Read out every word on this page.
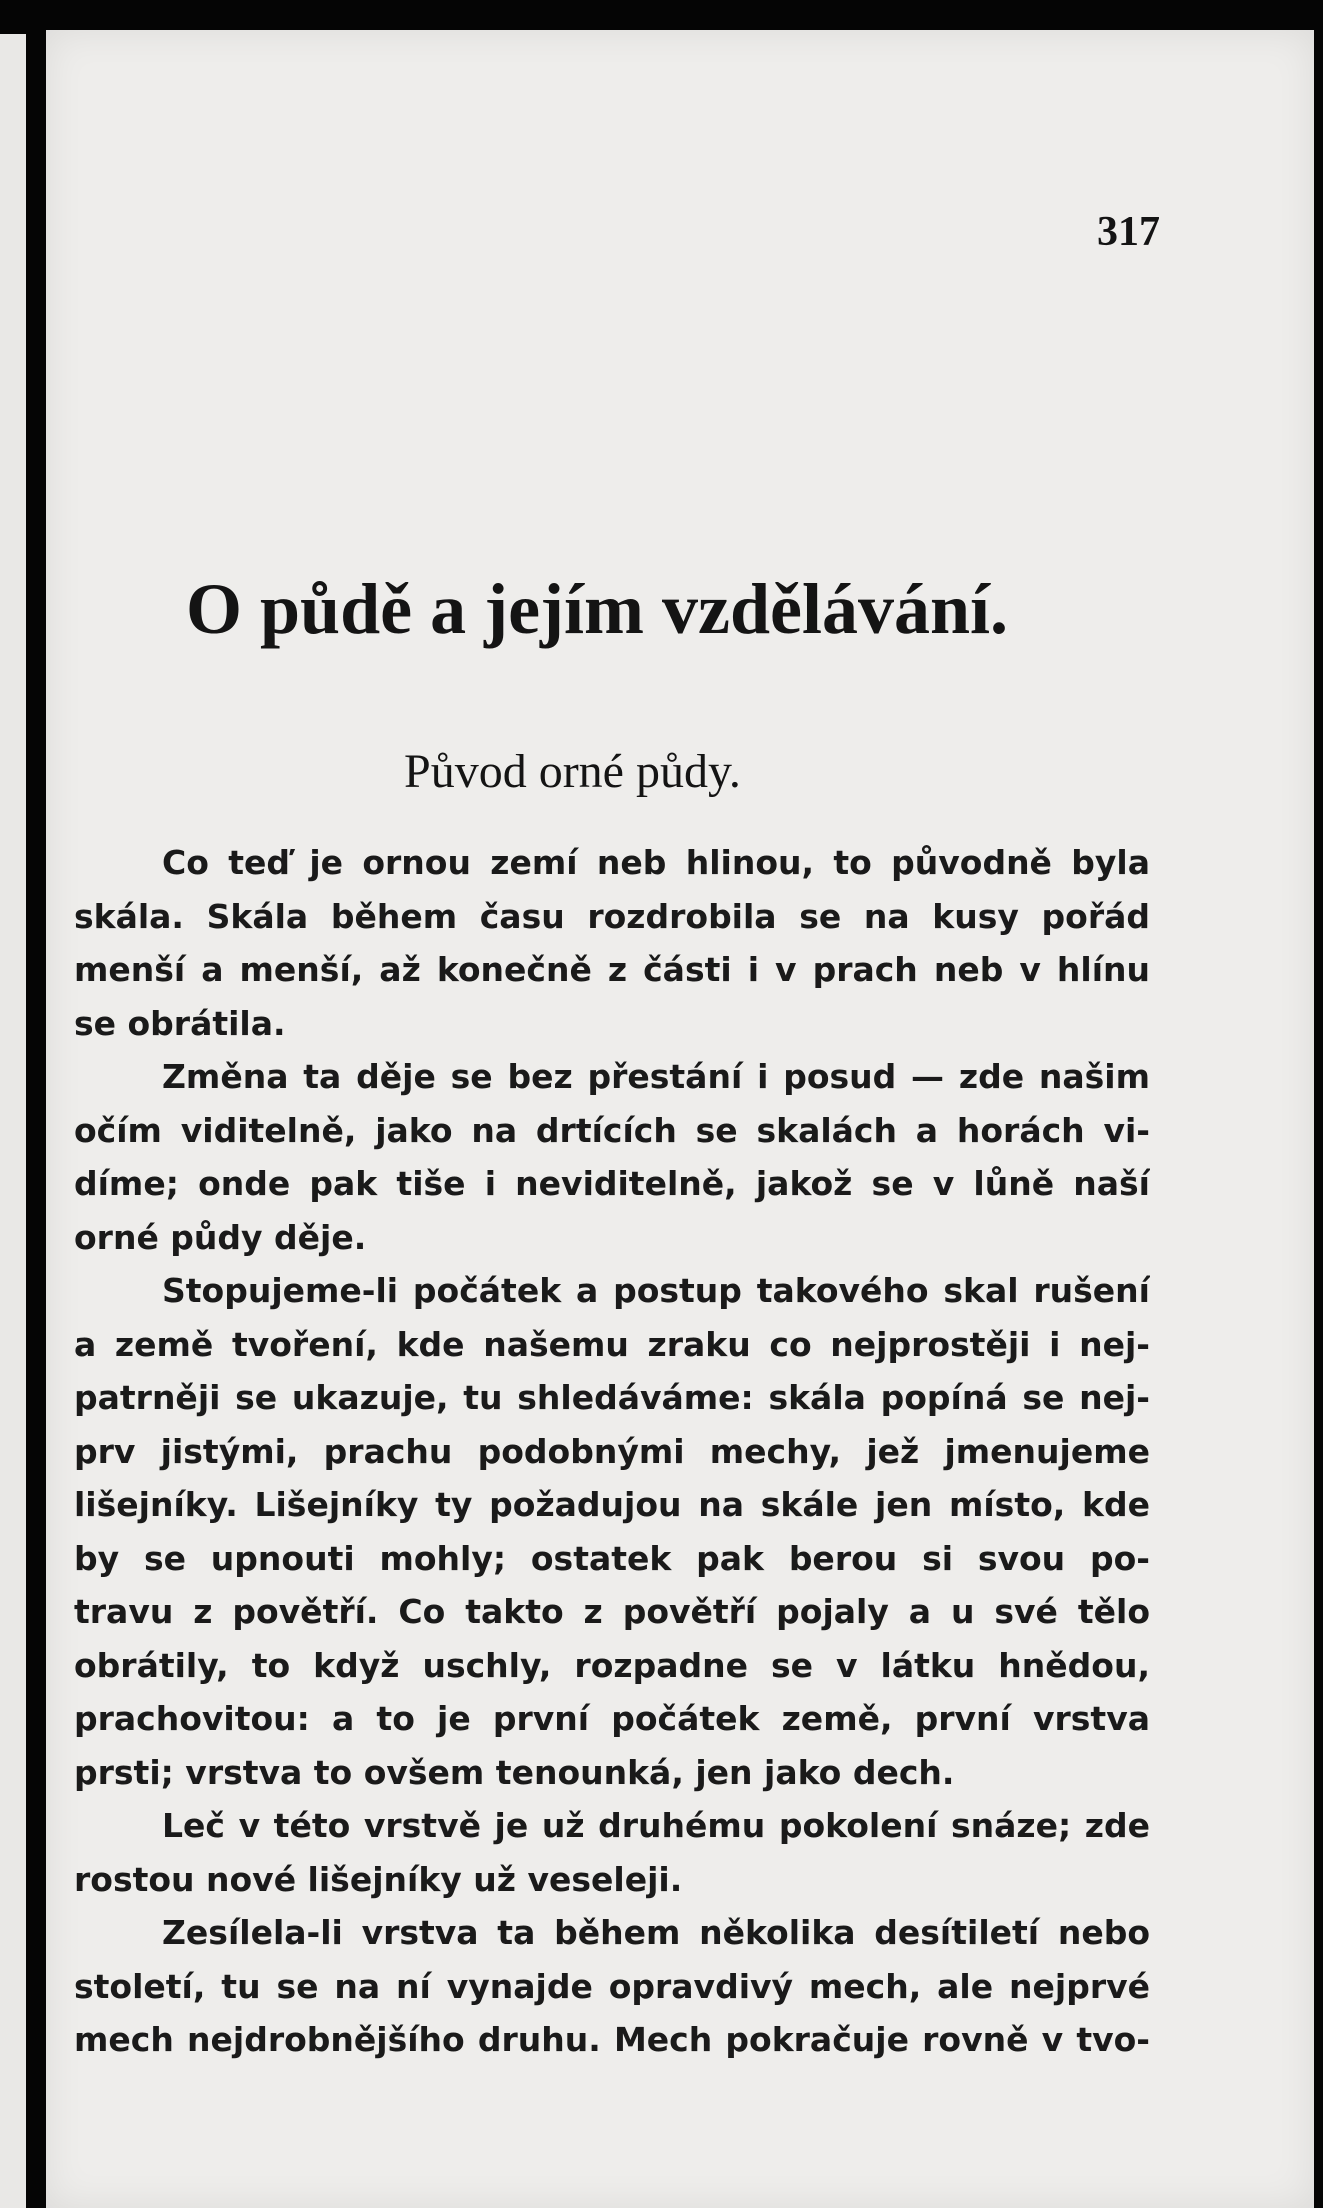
317
O půdě a jejím vzdělávání.
Původ orné půdy.
Co teď je ornou zemí neb hlinou, to původně byla
skála. Skála během času rozdrobila se na kusy pořád
menší a menší, až konečně z části i v prach neb v hlínu
se obrátila.
Změna ta děje se bez přestání i posud — zde našim
očím viditelně, jako na drtících se skalách a horách vi-
díme; onde pak tiše i neviditelně, jakož se v lůně naší
orné půdy děje.
Stopujeme-li počátek a postup takového skal rušení
a země tvoření, kde našemu zraku co nejprostěji i nej-
patrněji se ukazuje, tu shledáváme: skála popíná se nej-
prv jistými, prachu podobnými mechy, jež jmenujeme
lišejníky. Lišejníky ty požadujou na skále jen místo, kde
by se upnouti mohly; ostatek pak berou si svou po-
travu z povětří. Co takto z povětří pojaly a u své tělo
obrátily, to když uschly, rozpadne se v látku hnědou,
prachovitou: a to je první počátek země, první vrstva
prsti; vrstva to ovšem tenounká, jen jako dech.
Leč v této vrstvě je už druhému pokolení snáze; zde
rostou nové lišejníky už veseleji.
Zesílela-li vrstva ta během několika desítiletí nebo
století, tu se na ní vynajde opravdivý mech, ale nejprvé
mech nejdrobnějšího druhu. Mech pokračuje rovně v tvo-
